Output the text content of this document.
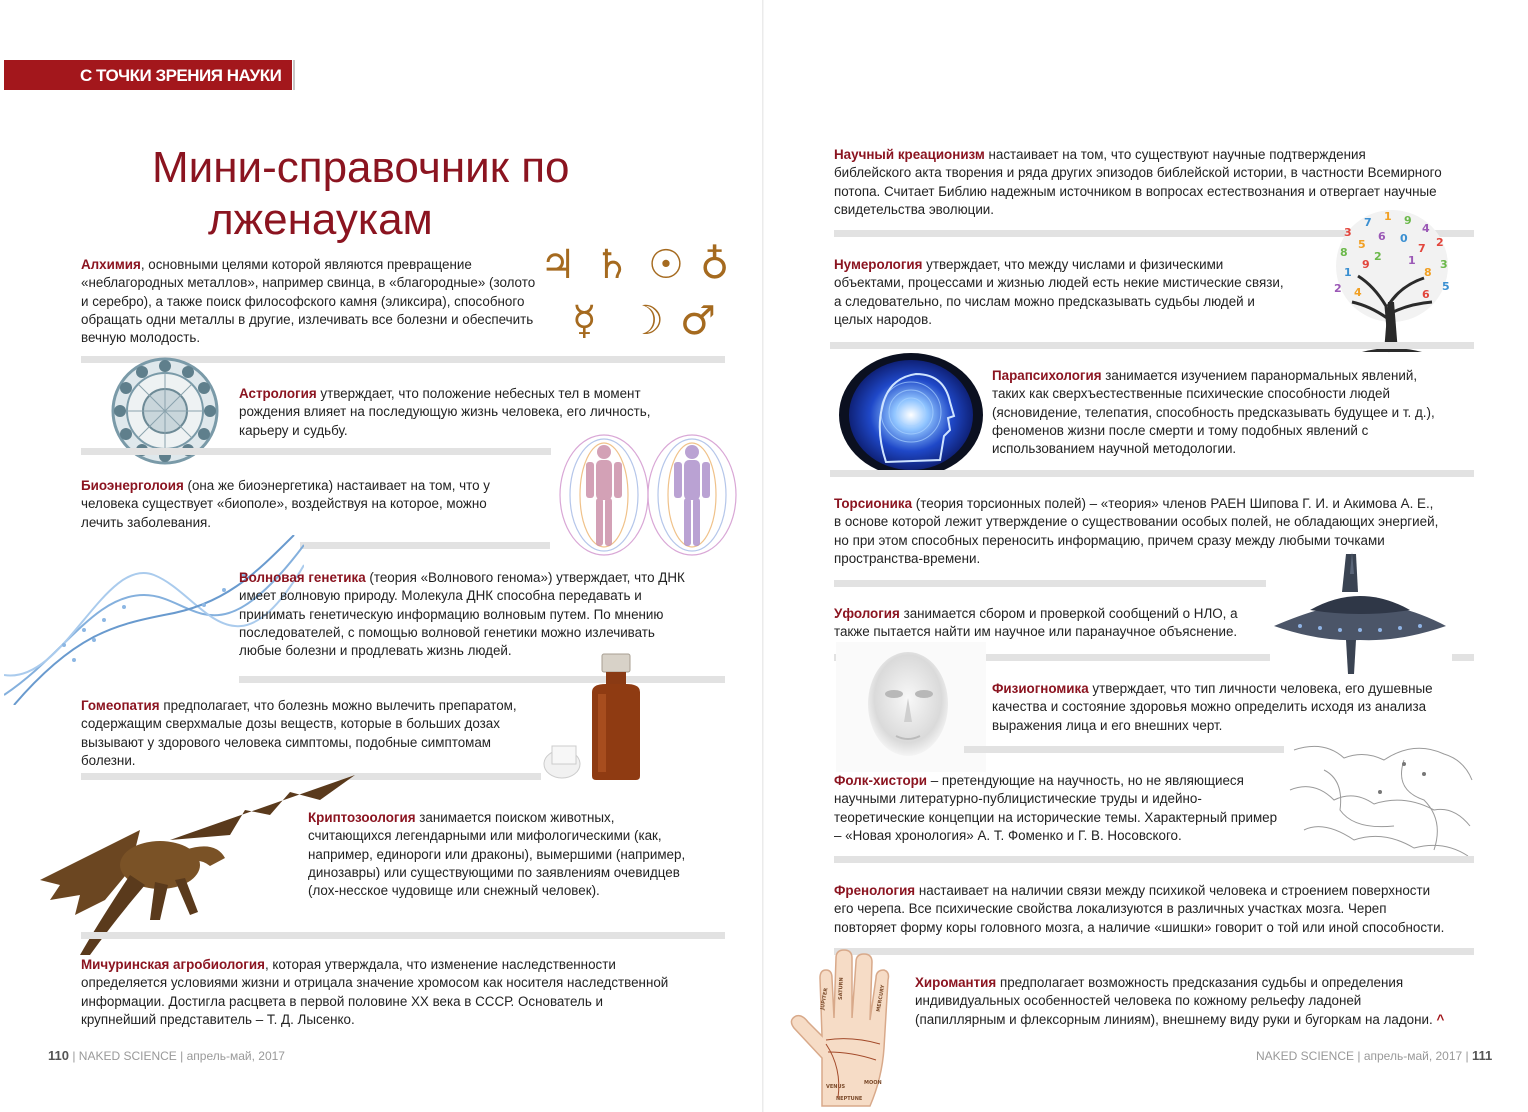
С ТОЧКИ ЗРЕНИЯ НАУКИ
Мини-справочник по
лженаукам
Алхимия, основными целями которой являются превращение «неблагородных металлов», например свинца, в «благородные» (золото и серебро), а также поиск философского камня (эликсира), способного обращать одни металлы в другие, излечивать все болезни и обеспечить вечную молодость.
♃ ♄ ☉ ♁
☿ ☽ ♂
Астрология утверждает, что положение небесных тел в момент рождения влияет на последующую жизнь человека, его личность, карьеру и судьбу.
Биоэнерголоия (она же биоэнергетика) настаивает на том, что у человека существует «биополе», воздействуя на которое, можно лечить заболевания.
Волновая генетика (теория «Волнового генома») утверждает, что ДНК имеет волновую природу. Молекула ДНК способна передавать и принимать генетическую информацию волновым путем. По мнению последователей, с помощью волновой генетики можно излечивать любые болезни и продлевать жизнь людей.
Гомеопатия предполагает, что болезнь можно вылечить препаратом, содержащим сверхмалые дозы веществ, которые в больших дозах вызывают у здорового человека симптомы, подобные симптомам болезни.
Криптозоология занимается поиском животных, считающихся легендарными или мифологическими (как, например, единороги или драконы), вымершими (например, динозавры) или существующими по заявлениям очевидцев (лох-несское чудовище или снежный человек).
Мичуринская агробиология, которая утверждала, что изменение наследственности определяется условиями жизни и отрицала значение хромосом как носителя наследственной информации. Достигла расцвета в первой половине XX века в СССР. Основатель и крупнейший представитель – Т. Д. Лысенко.
110 | NAKED SCIENCE | апрель-май, 2017
Научный креационизм настаивает на том, что существуют научные подтверждения библейского акта творения и ряда других эпизодов библейской истории, в частности Всемирного потопа. Считает Библию надежным источником в вопросах естествознания и отвергает научные свидетельства эволюции.
Нумерология утверждает, что между числами и физическими объектами, процессами и жизнью людей есть некие мистические связи, а следовательно, по числам можно предсказывать судьбы людей и целых народов.
3
7 1 9
4
2
8
5
6 0
7
3
1
9
8
2	5
4	6
2 1
Парапсихология занимается изучением паранормальных явлений, таких как сверхъестественные психические способности людей (ясновидение, телепатия, способность предсказывать будущее и т. д.), феноменов жизни после смерти и тому подобных явлений с использованием научной методологии.
Торсионика (теория торсионных полей) – «теория» членов РАЕН Шипова Г. И. и Акимова А. Е., в основе которой лежит утверждение о существовании особых полей, не обладающих энергией, но при этом способных переносить информацию, причем сразу между любыми точками пространства-времени.
Уфология занимается сбором и проверкой сообщений о НЛО, а также пытается найти им научное или паранаучное объяснение.
Физиогномика утверждает, что тип личности человека, его душевные качества и состояние здоровья можно определить исходя из анализа выражения лица и его внешних черт.
Фолк-хистори – претендующие на научность, но не являющиеся научными литературно-публицистические труды и идейно-теоретические концепции на исторические темы. Характерный пример – «Новая хронология» А. Т. Фоменко и Г. В. Носовского.
Френология настаивает на наличии связи между психикой человека и строением поверхности его черепа. Все психические свойства локализуются в различных участках мозга. Череп повторяет форму коры головного мозга, а наличие «шишки» говорит о той или иной способности.
JUPITER SATURN	MERCURY
VENUS
MOON
NEPTUNE
Хиромантия предполагает возможность предсказания судьбы и определения индивидуальных особенностей человека по кожному рельефу ладоней (папиллярным и флексорным линиям), внешнему виду руки и бугоркам на ладони. ^
NAKED SCIENCE | апрель-май, 2017 | 111
